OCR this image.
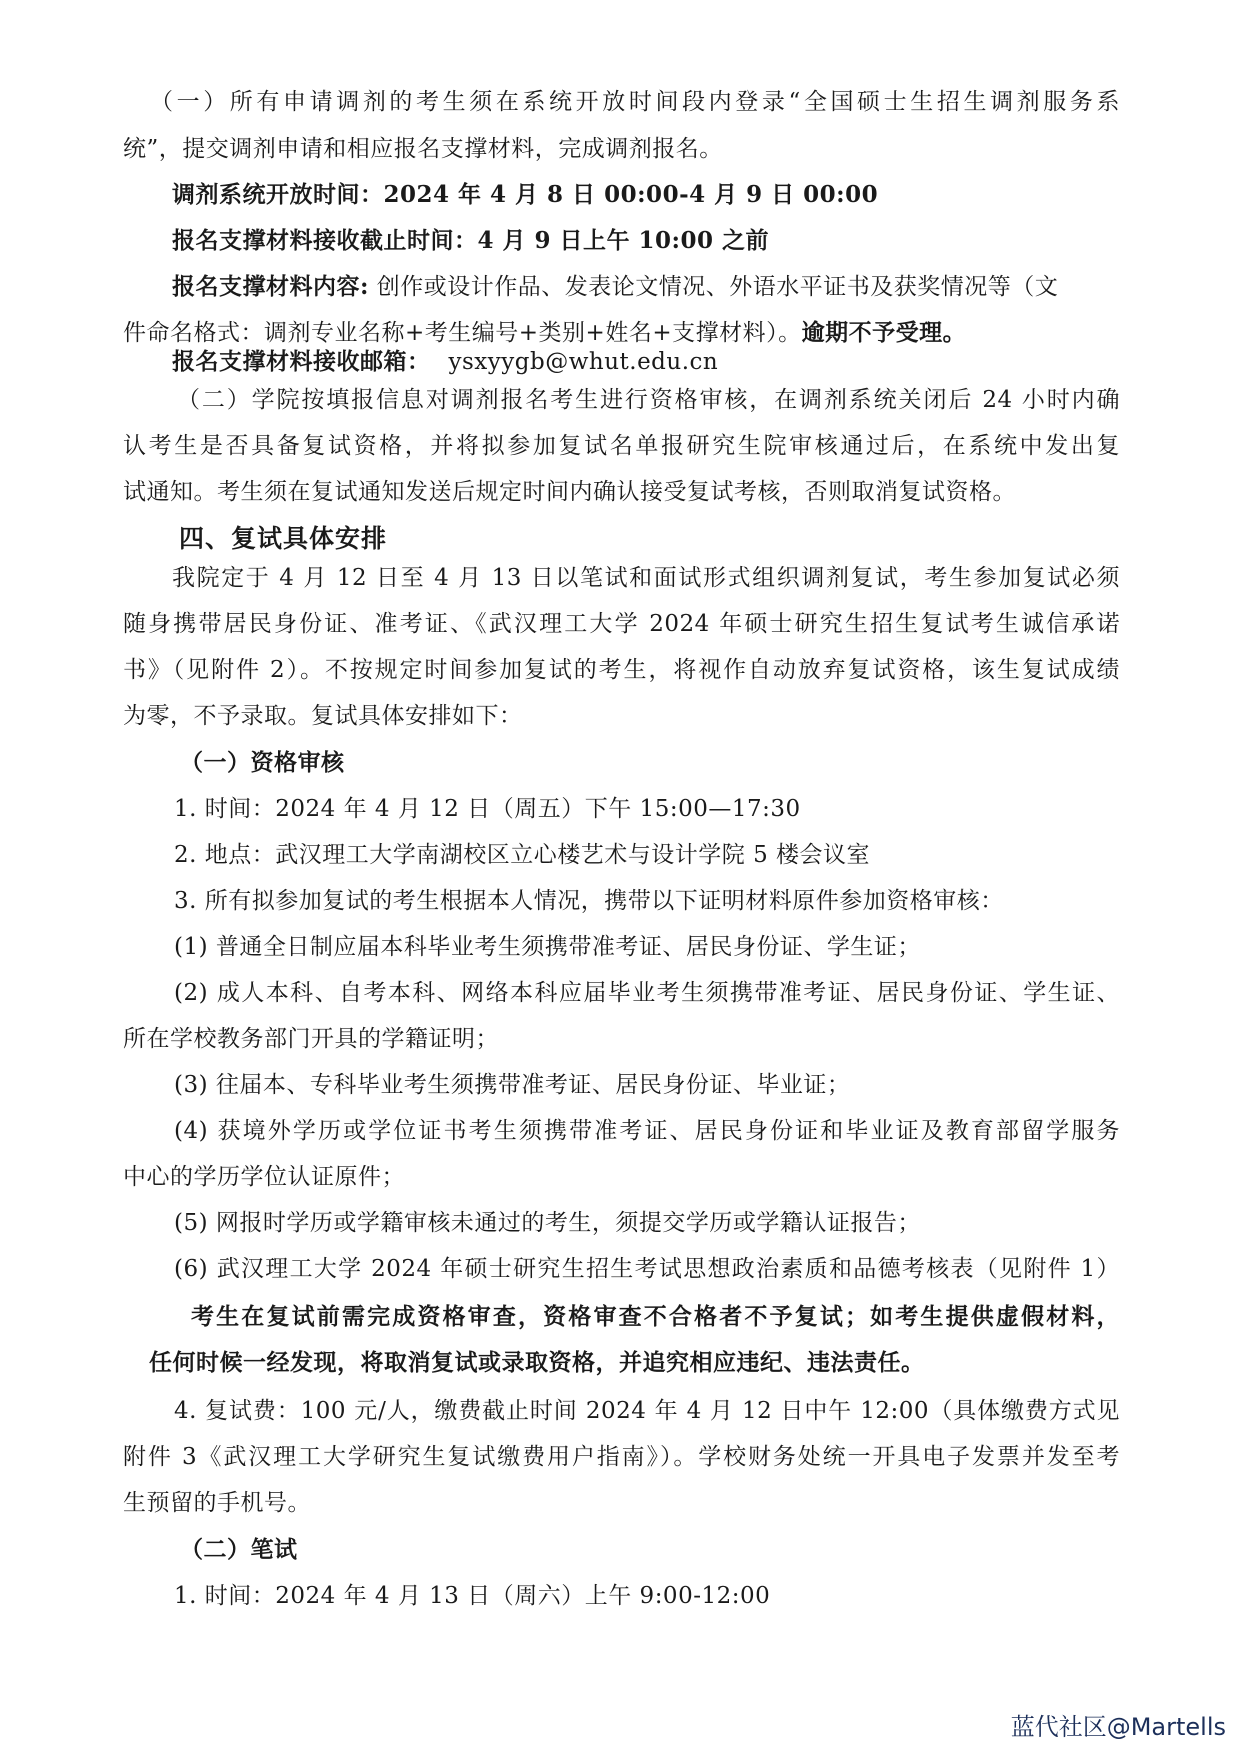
（一）所有申请调剂的考生须在系统开放时间段内登录“全国硕士生招生调剂服务系

统”，提交调剂申请和相应报名支撑材料，完成调剂报名。

调剂系统开放时间：2024 年 4 月 8 日 00:00-4 月 9 日 00:00

报名支撑材料接收截止时间：4 月 9 日上午 10:00 之前

报名支撑材料内容: 创作或设计作品、发表论文情况、外语水平证书及获奖情况等（文

件命名格式：调剂专业名称+考生编号+类别+姓名+支撑材料）。逾期不予受理。

报名支撑材料接收邮箱： ysxyygb@whut.edu.cn

（二）学院按填报信息对调剂报名考生进行资格审核，在调剂系统关闭后 24 小时内确

认考生是否具备复试资格，并将拟参加复试名单报研究生院审核通过后，在系统中发出复

试通知。考生须在复试通知发送后规定时间内确认接受复试考核，否则取消复试资格。

四、复试具体安排

我院定于 4 月 12 日至 4 月 13 日以笔试和面试形式组织调剂复试，考生参加复试必须

随身携带居民身份证、准考证、《武汉理工大学 2024 年硕士研究生招生复试考生诚信承诺

书》（见附件 2）。不按规定时间参加复试的考生，将视作自动放弃复试资格，该生复试成绩

为零，不予录取。复试具体安排如下：

（一）资格审核

1. 时间：2024 年 4 月 12 日（周五）下午 15:00—17:30

2. 地点：武汉理工大学南湖校区立心楼艺术与设计学院 5 楼会议室

3. 所有拟参加复试的考生根据本人情况，携带以下证明材料原件参加资格审核：

(1) 普通全日制应届本科毕业考生须携带准考证、居民身份证、学生证；

(2) 成人本科、自考本科、网络本科应届毕业考生须携带准考证、居民身份证、学生证、

所在学校教务部门开具的学籍证明；

(3) 往届本、专科毕业考生须携带准考证、居民身份证、毕业证；

(4) 获境外学历或学位证书考生须携带准考证、居民身份证和毕业证及教育部留学服务

中心的学历学位认证原件；

(5) 网报时学历或学籍审核未通过的考生，须提交学历或学籍认证报告；

(6) 武汉理工大学 2024 年硕士研究生招生考试思想政治素质和品德考核表（见附件 1）

考生在复试前需完成资格审查，资格审查不合格者不予复试；如考生提供虚假材料，

任何时候一经发现，将取消复试或录取资格，并追究相应违纪、违法责任。

4. 复试费：100 元/人，缴费截止时间 2024 年 4 月 12 日中午 12:00（具体缴费方式见

附件 3《武汉理工大学研究生复试缴费用户指南》）。学校财务处统一开具电子发票并发至考

生预留的手机号。

（二）笔试

1. 时间：2024 年 4 月 13 日（周六）上午 9:00-12:00

蓝代社区@Martells
